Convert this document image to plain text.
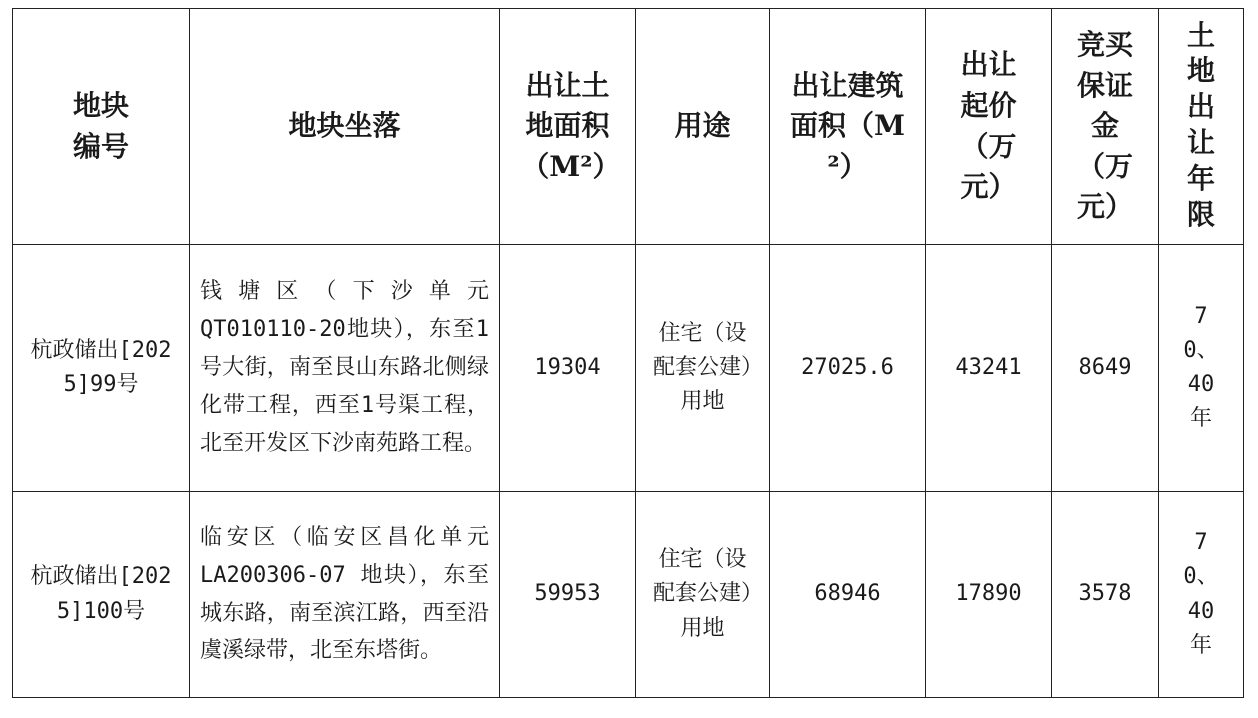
地块编号	地块坐落	出让土地面积（M²）	用途	出让建筑面积（M²）	出让起价（万元）	竞买保证金（万元）	土地出让年限
杭政储出[2025]99号	钱塘区（下沙单元QT010110-20地块），东至1号大街，南至艮山东路北侧绿化带工程，西至1号渠工程，北至开发区下沙南苑路工程。	19304	住宅（设配套公建）用地	27025.6	43241	8649	70、40年
杭政储出[2025]100号	临安区（临安区昌化单元LA200306-07 地块），东至城东路，南至滨江路，西至沿虞溪绿带，北至东塔街。	59953	住宅（设配套公建）用地	68946	17890	3578	70、40年
